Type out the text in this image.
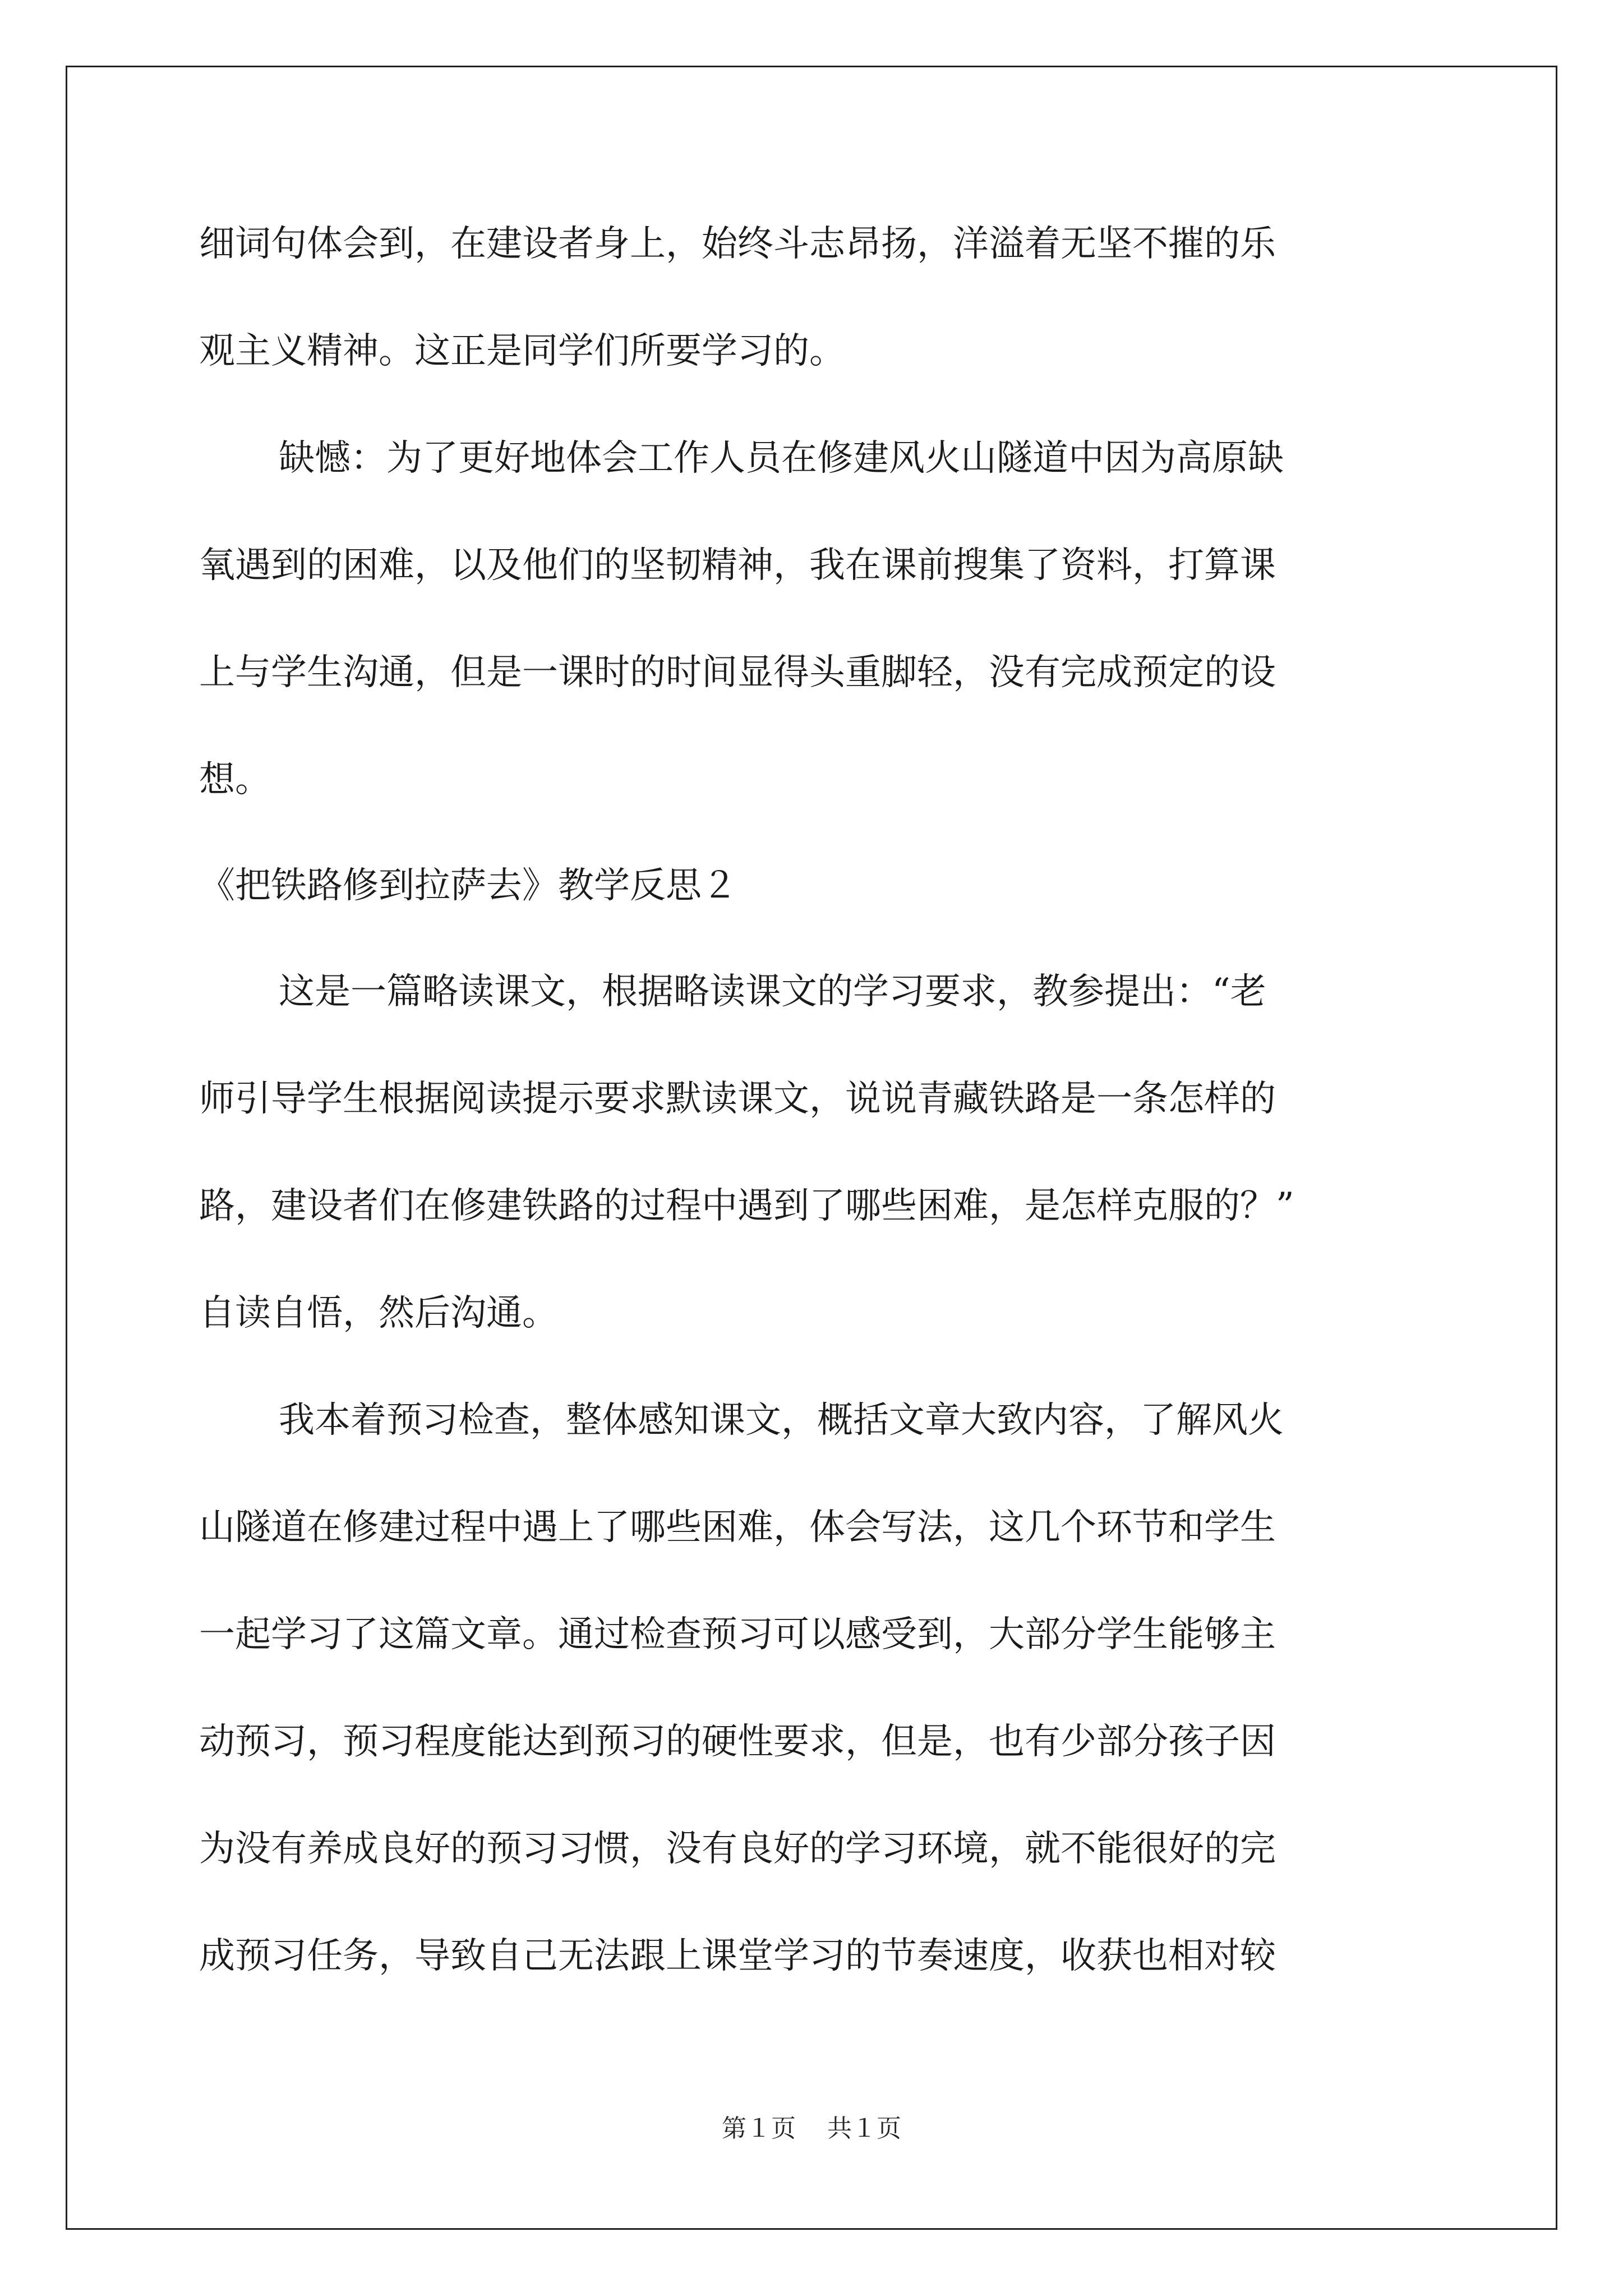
细词句体会到，在建设者身上，始终斗志昂扬，洋溢着无坚不摧的乐

观主义精神。这正是同学们所要学习的。

缺憾：为了更好地体会工作人员在修建风火山隧道中因为高原缺

氧遇到的困难，以及他们的坚韧精神，我在课前搜集了资料，打算课

上与学生沟通，但是一课时的时间显得头重脚轻，没有完成预定的设

想。

《把铁路修到拉萨去》教学反思２

这是一篇略读课文，根据略读课文的学习要求，教参提出：“老

师引导学生根据阅读提示要求默读课文，说说青藏铁路是一条怎样的

路，建设者们在修建铁路的过程中遇到了哪些困难，是怎样克服的？”

自读自悟，然后沟通。

我本着预习检查，整体感知课文，概括文章大致内容，了解风火

山隧道在修建过程中遇上了哪些困难，体会写法，这几个环节和学生

一起学习了这篇文章。通过检查预习可以感受到，大部分学生能够主

动预习，预习程度能达到预习的硬性要求，但是，也有少部分孩子因

为没有养成良好的预习习惯，没有良好的学习环境，就不能很好的完

成预习任务，导致自己无法跟上课堂学习的节奏速度，收获也相对较

第１页 共１页
